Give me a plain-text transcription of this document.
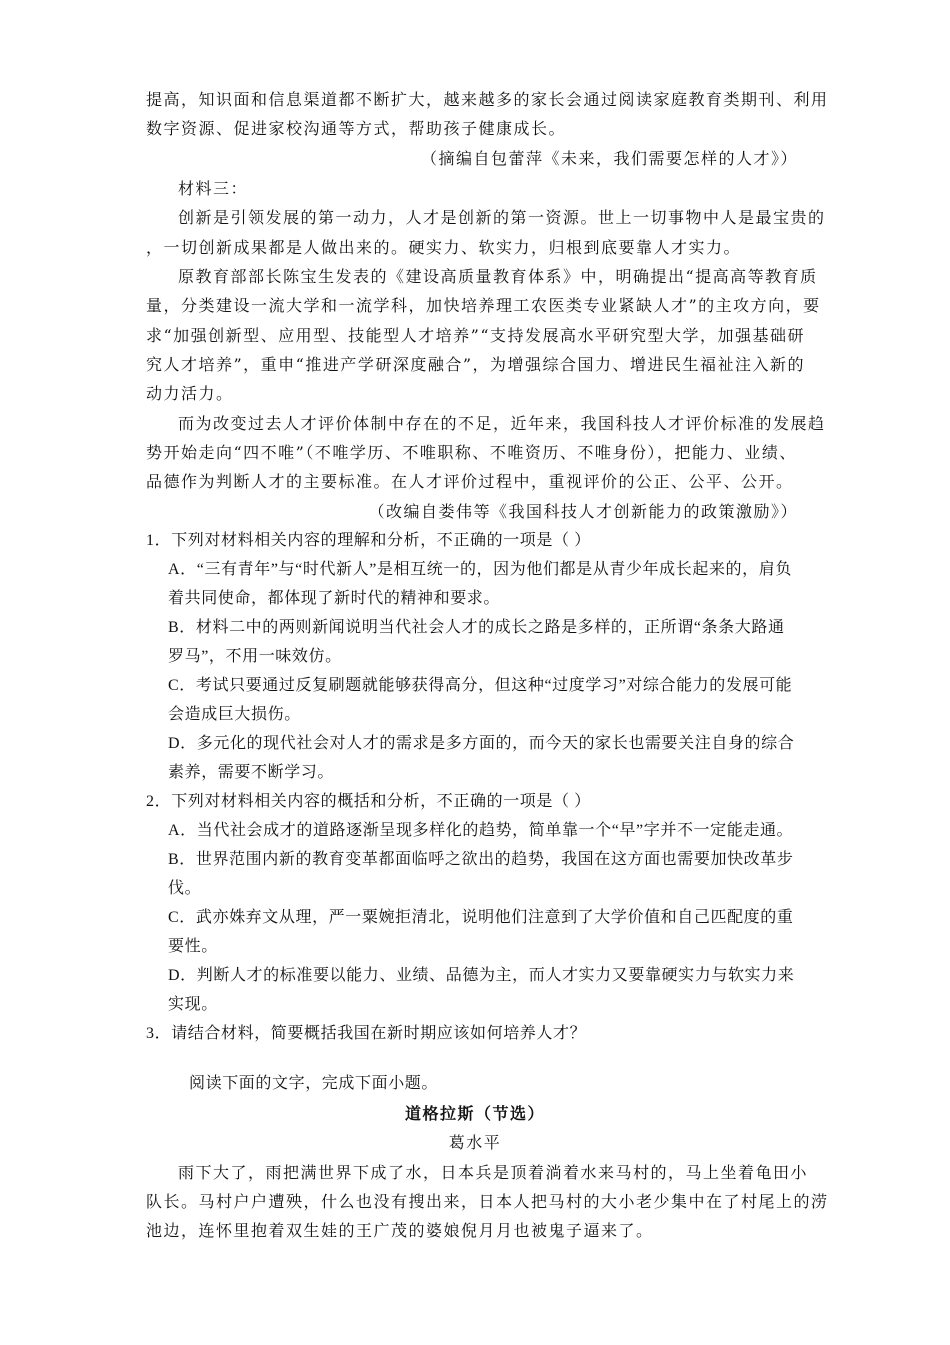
提高，知识面和信息渠道都不断扩大，越来越多的家长会通过阅读家庭教育类期刊、利用
数字资源、促进家校沟通等方式，帮助孩子健康成长。
（摘编自包蕾萍《未来，我们需要怎样的人才》）
材料三：
创新是引领发展的第一动力，人才是创新的第一资源。世上一切事物中人是最宝贵的
，一切创新成果都是人做出来的。硬实力、软实力，归根到底要靠人才实力。
原教育部部长陈宝生发表的《建设高质量教育体系》中，明确提出“提高高等教育质
量，分类建设一流大学和一流学科，加快培养理工农医类专业紧缺人才”的主攻方向，要
求“加强创新型、应用型、技能型人才培养”“支持发展高水平研究型大学，加强基础研
究人才培养”，重申“推进产学研深度融合”，为增强综合国力、增进民生福祉注入新的
动力活力。
而为改变过去人才评价体制中存在的不足，近年来，我国科技人才评价标准的发展趋
势开始走向“四不唯”（不唯学历、不唯职称、不唯资历、不唯身份），把能力、业绩、
品德作为判断人才的主要标准。在人才评价过程中，重视评价的公正、公平、公开。
（改编自娄伟等《我国科技人才创新能力的政策激励》）
1．下列对材料相关内容的理解和分析，不正确的一项是（ ）
A．“三有青年”与“时代新人”是相互统一的，因为他们都是从青少年成长起来的，肩负
着共同使命，都体现了新时代的精神和要求。
B．材料二中的两则新闻说明当代社会人才的成长之路是多样的，正所谓“条条大路通
罗马”，不用一味效仿。
C．考试只要通过反复刷题就能够获得高分，但这种“过度学习”对综合能力的发展可能
会造成巨大损伤。
D．多元化的现代社会对人才的需求是多方面的，而今天的家长也需要关注自身的综合
素养，需要不断学习。
2．下列对材料相关内容的概括和分析，不正确的一项是（ ）
A．当代社会成才的道路逐渐呈现多样化的趋势，简单靠一个“早”字并不一定能走通。
B．世界范围内新的教育变革都面临呼之欲出的趋势，我国在这方面也需要加快改革步
伐。
C．武亦姝弃文从理，严一粟婉拒清北，说明他们注意到了大学价值和自己匹配度的重
要性。
D．判断人才的标准要以能力、业绩、品德为主，而人才实力又要靠硬实力与软实力来
实现。
3．请结合材料，简要概括我国在新时期应该如何培养人才？
阅读下面的文字，完成下面小题。
道格拉斯（节选）
葛水平
雨下大了，雨把满世界下成了水，日本兵是顶着淌着水来马村的，马上坐着龟田小
队长。马村户户遭殃，什么也没有搜出来，日本人把马村的大小老少集中在了村尾上的涝
池边，连怀里抱着双生娃的王广茂的婆娘倪月月也被鬼子逼来了。
